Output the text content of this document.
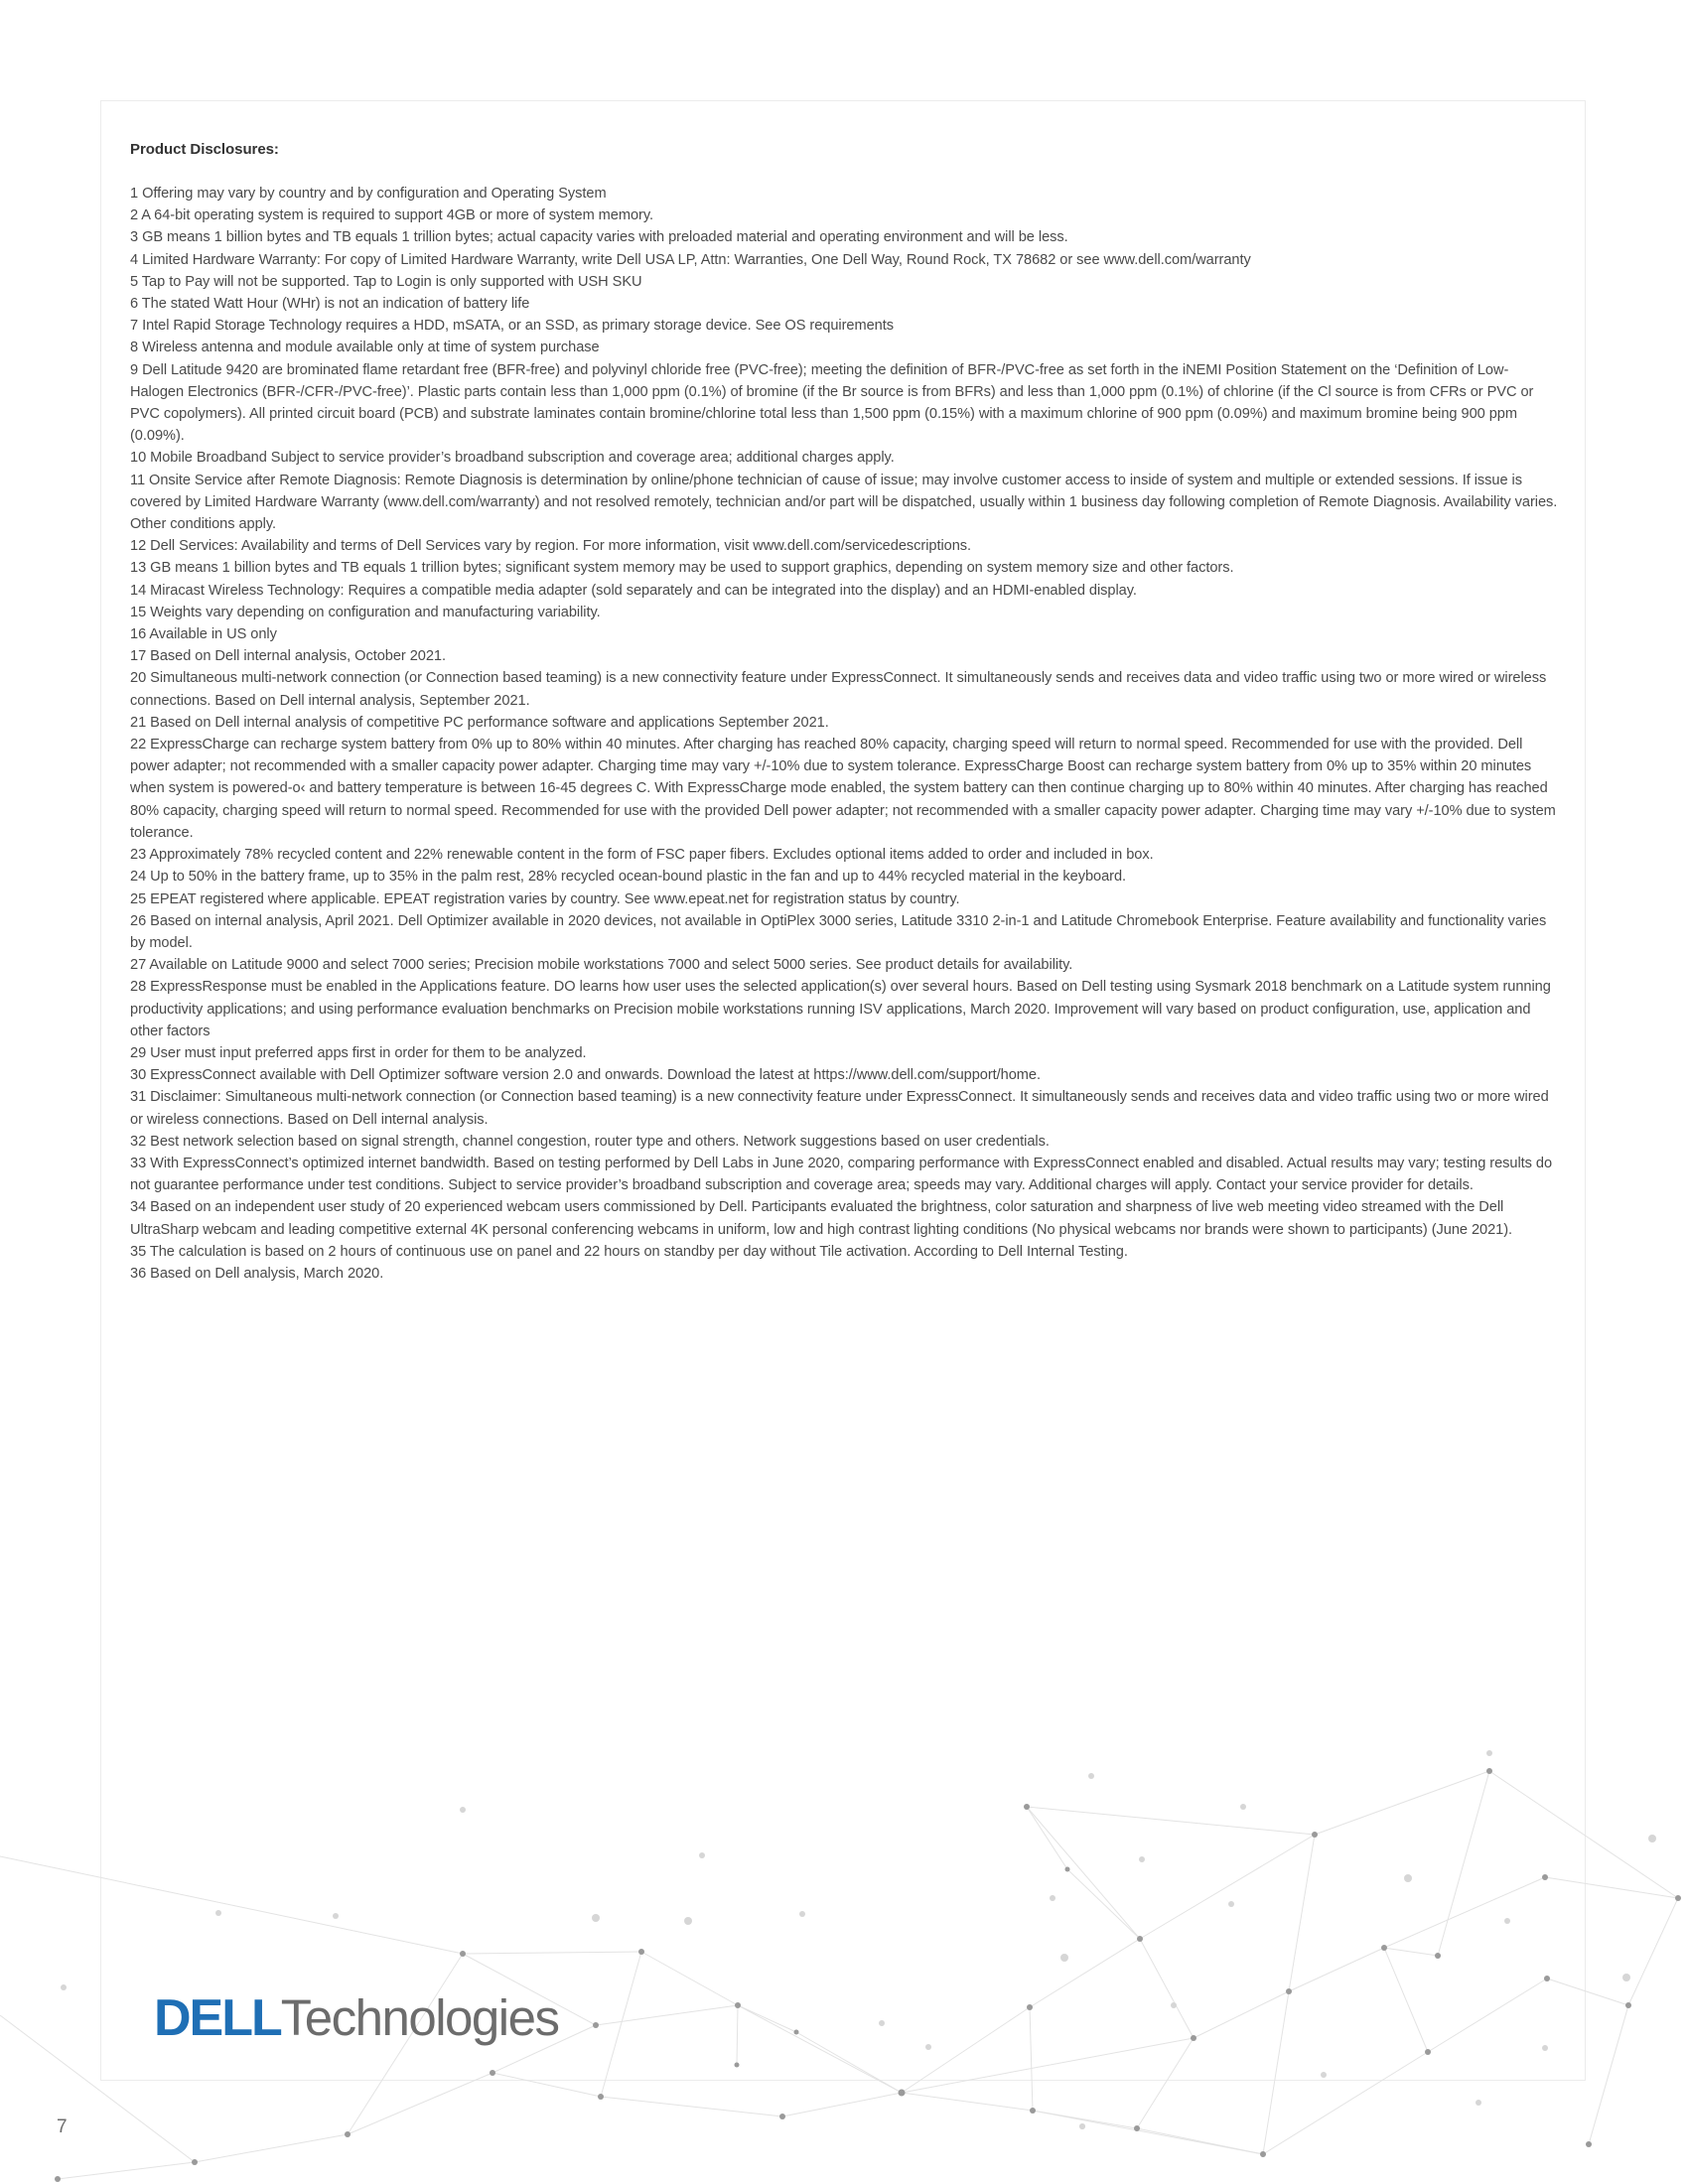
Product Disclosures:

1 Offering may vary by country and by configuration and Operating System

2 A 64-bit operating system is required to support 4GB or more of system memory.

3 GB means 1 billion bytes and TB equals 1 trillion bytes; actual capacity varies with preloaded material and operating environment and will be less.

4 Limited Hardware Warranty: For copy of Limited Hardware Warranty, write Dell USA LP, Attn: Warranties, One Dell Way, Round Rock, TX 78682 or see www.dell.com/warranty

5 Tap to Pay will not be supported. Tap to Login is only supported with USH SKU

6 The stated Watt Hour (WHr) is not an indication of battery life

7 Intel Rapid Storage Technology requires a HDD, mSATA, or an SSD, as primary storage device. See OS requirements

8 Wireless antenna and module available only at time of system purchase

9 Dell Latitude 9420 are brominated flame retardant free (BFR-free) and polyvinyl chloride free (PVC-free); meeting the definition of BFR-/PVC-free as set forth in the iNEMI Position Statement on the ‘Definition of Low-Halogen Electronics (BFR-/CFR-/PVC-free)’. Plastic parts contain less than 1,000 ppm (0.1%) of bromine (if the Br source is from BFRs) and less than 1,000 ppm (0.1%) of chlorine (if the Cl source is from CFRs or PVC or PVC copolymers). All printed circuit board (PCB) and substrate laminates contain bromine/chlorine total less than 1,500 ppm (0.15%) with a maximum chlorine of 900 ppm (0.09%) and maximum bromine being 900 ppm (0.09%).

10 Mobile Broadband Subject to service provider’s broadband subscription and coverage area; additional charges apply.

11 Onsite Service after Remote Diagnosis: Remote Diagnosis is determination by online/phone technician of cause of issue; may involve customer access to inside of system and multiple or extended sessions. If issue is covered by Limited Hardware Warranty (www.dell.com/warranty) and not resolved remotely, technician and/or part will be dispatched, usually within 1 business day following completion of Remote Diagnosis. Availability varies. Other conditions apply.

12 Dell Services: Availability and terms of Dell Services vary by region. For more information, visit www.dell.com/servicedescriptions.

13 GB means 1 billion bytes and TB equals 1 trillion bytes; significant system memory may be used to support graphics, depending on system memory size and other factors.

14 Miracast Wireless Technology: Requires a compatible media adapter (sold separately and can be integrated into the display) and an HDMI-enabled display.

15 Weights vary depending on configuration and manufacturing variability.

16 Available in US only

17 Based on Dell internal analysis, October 2021.

20 Simultaneous multi-network connection (or Connection based teaming) is a new connectivity feature under ExpressConnect. It simultaneously sends and receives data and video traffic using two or more wired or wireless connections. Based on Dell internal analysis, September 2021.

21 Based on Dell internal analysis of competitive PC performance software and applications September 2021.

22 ExpressCharge can recharge system battery from 0% up to 80% within 40 minutes. After charging has reached 80% capacity, charging speed will return to normal speed. Recommended for use with the provided. Dell power adapter; not recommended with a smaller capacity power adapter. Charging time may vary +/-10% due to system tolerance. ExpressCharge Boost can recharge system battery from 0% up to 35% within 20 minutes when system is powered-o‹ and battery temperature is between 16-45 degrees C. With ExpressCharge mode enabled, the system battery can then continue charging up to 80% within 40 minutes. After charging has reached 80% capacity, charging speed will return to normal speed. Recommended for use with the provided Dell power adapter; not recommended with a smaller capacity power adapter. Charging time may vary +/-10% due to system tolerance.

23 Approximately 78% recycled content and 22% renewable content in the form of FSC paper fibers. Excludes optional items added to order and included in box.

24 Up to 50% in the battery frame, up to 35% in the palm rest, 28% recycled ocean-bound plastic in the fan and up to 44% recycled material in the keyboard.

25 EPEAT registered where applicable. EPEAT registration varies by country. See www.epeat.net for registration status by country.

26 Based on internal analysis, April 2021. Dell Optimizer available in 2020 devices, not available in OptiPlex 3000 series, Latitude 3310 2-in-1 and Latitude Chromebook Enterprise. Feature availability and functionality varies by model.

27 Available on Latitude 9000 and select 7000 series; Precision mobile workstations 7000 and select 5000 series. See product details for availability.

28 ExpressResponse must be enabled in the Applications feature. DO learns how user uses the selected application(s) over several hours. Based on Dell testing using Sysmark 2018 benchmark on a Latitude system running productivity applications; and using performance evaluation benchmarks on Precision mobile workstations running ISV applications, March 2020. Improvement will vary based on product configuration, use, application and other factors

29 User must input preferred apps first in order for them to be analyzed.

30 ExpressConnect available with Dell Optimizer software version 2.0 and onwards. Download the latest at https://www.dell.com/support/home.

31 Disclaimer: Simultaneous multi-network connection (or Connection based teaming) is a new connectivity feature under ExpressConnect. It simultaneously sends and receives data and video traffic using two or more wired or wireless connections. Based on Dell internal analysis.

32 Best network selection based on signal strength, channel congestion, router type and others. Network suggestions based on user credentials.

33 With ExpressConnect’s optimized internet bandwidth. Based on testing performed by Dell Labs in June 2020, comparing performance with ExpressConnect enabled and disabled. Actual results may vary; testing results do not guarantee performance under test conditions. Subject to service provider’s broadband subscription and coverage area; speeds may vary. Additional charges will apply. Contact your service provider for details.

34 Based on an independent user study of 20 experienced webcam users commissioned by Dell. Participants evaluated the brightness, color saturation and sharpness of live web meeting video streamed with the Dell UltraSharp webcam and leading competitive external 4K personal conferencing webcams in uniform, low and high contrast lighting conditions (No physical webcams nor brands were shown to participants) (June 2021).

35 The calculation is based on 2 hours of continuous use on panel and 22 hours on standby per day without Tile activation. According to Dell Internal Testing.

36 Based on Dell analysis, March 2020.

DELL Technologies
7
